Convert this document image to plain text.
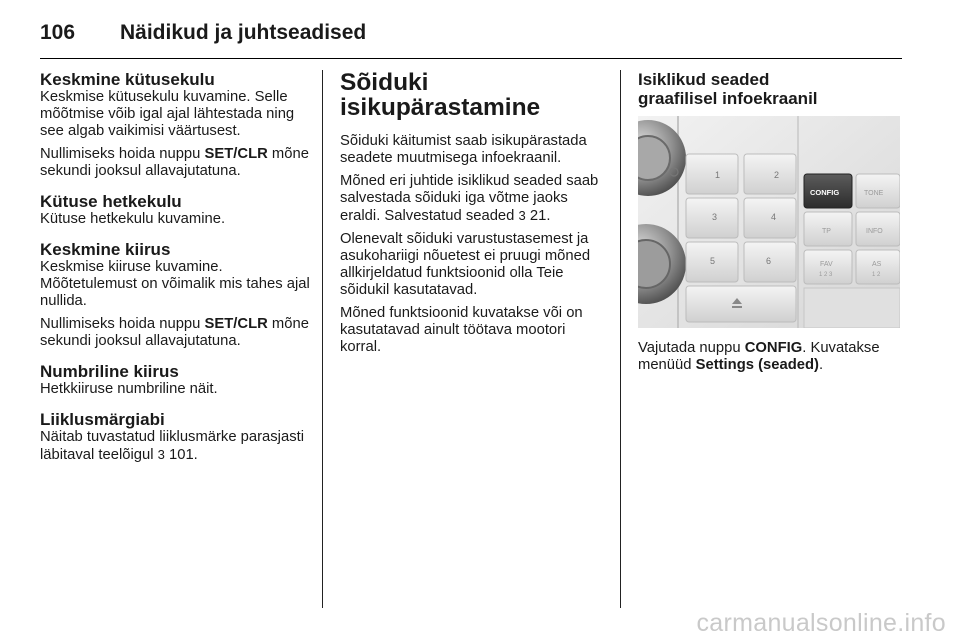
106	Näidikud ja juhtseadised
Keskmine kütusekulu

Keskmise kütusekulu kuvamine. Selle mõõtmise võib igal ajal lähtestada ning see algab vaikimisi väärtusest.

Nullimiseks hoida nuppu SET/CLR mõne sekundi jooksul allavajutatuna.

Kütuse hetkekulu

Kütuse hetkekulu kuvamine.

Keskmine kiirus

Keskmise kiiruse kuvamine. Mõõtetulemust on võimalik mis tahes ajal nullida.

Nullimiseks hoida nuppu SET/CLR mõne sekundi jooksul allavajutatuna.

Numbriline kiirus

Hetkkiiruse numbriline näit.

Liiklusmärgiabi

Näitab tuvastatud liiklusmärke parasjasti läbitaval teelõigul 3 101.

Sõiduki
isikupärastamine

Sõiduki käitumist saab isikupärastada seadete muutmisega infoekraanil.

Mõned eri juhtide isiklikud seaded saab salvestada sõiduki iga võtme jaoks eraldi. Salvestatud seaded 3 21.

Olenevalt sõiduki varustustasemest ja asukohariigi nõuetest ei pruugi mõned allkirjeldatud funktsioonid olla Teie sõidukil kasutatavad.

Mõned funktsioonid kuvatakse või on kasutatavad ainult töötava mootori korral.

Isiklikud seaded
graafilisel infoekraanil
1	2
3	4
5	6
CONFIG	TONE
TP	INFO
FAV
1 2 3
AS
1 2

Vajutada nuppu CONFIG. Kuvatakse menüüd Settings (seaded).

carmanualsonline.info
